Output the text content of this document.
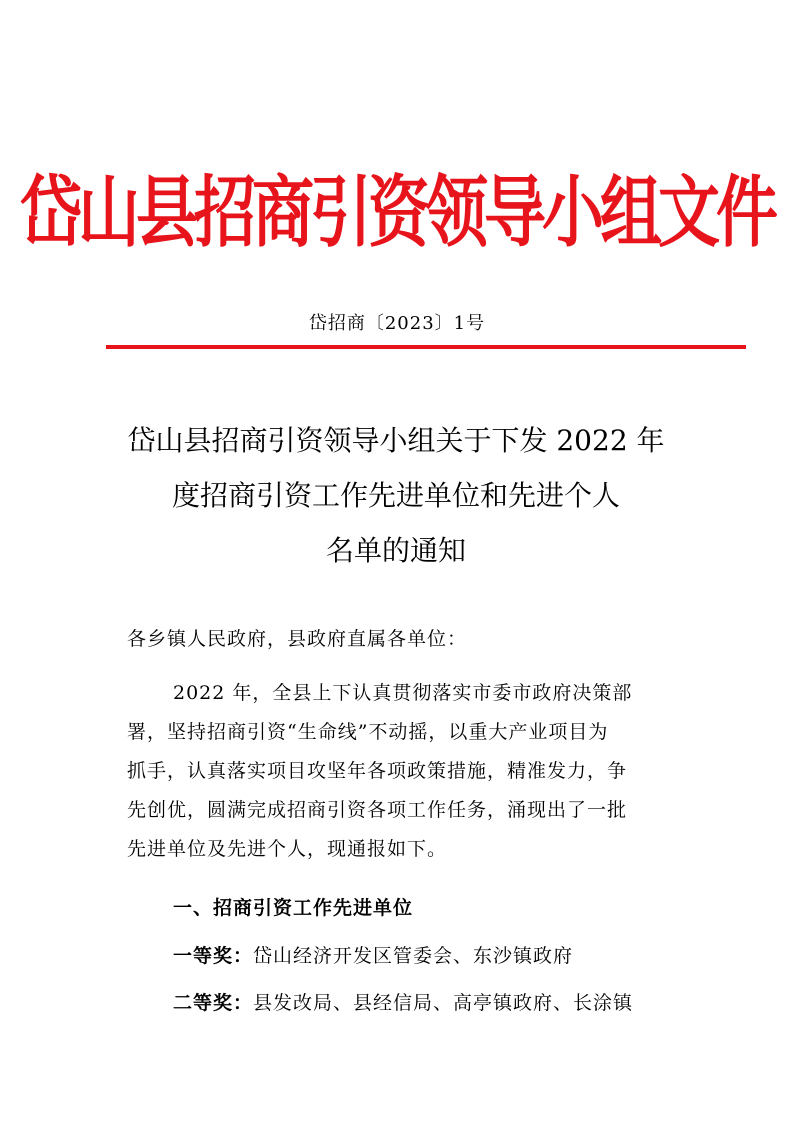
岱山县招商引资领导小组文件
岱招商〔2023〕1号
岱山县招商引资领导小组关于下发 2022 年
度招商引资工作先进单位和先进个人
名单的通知
各乡镇人民政府，县政府直属各单位：
2022 年，全县上下认真贯彻落实市委市政府决策部
署，坚持招商引资“生命线”不动摇，以重大产业项目为
抓手，认真落实项目攻坚年各项政策措施，精准发力，争
先创优，圆满完成招商引资各项工作任务，涌现出了一批
先进单位及先进个人，现通报如下。
一、招商引资工作先进单位
一等奖：岱山经济开发区管委会、东沙镇政府
二等奖：县发改局、县经信局、高亭镇政府、长涂镇
